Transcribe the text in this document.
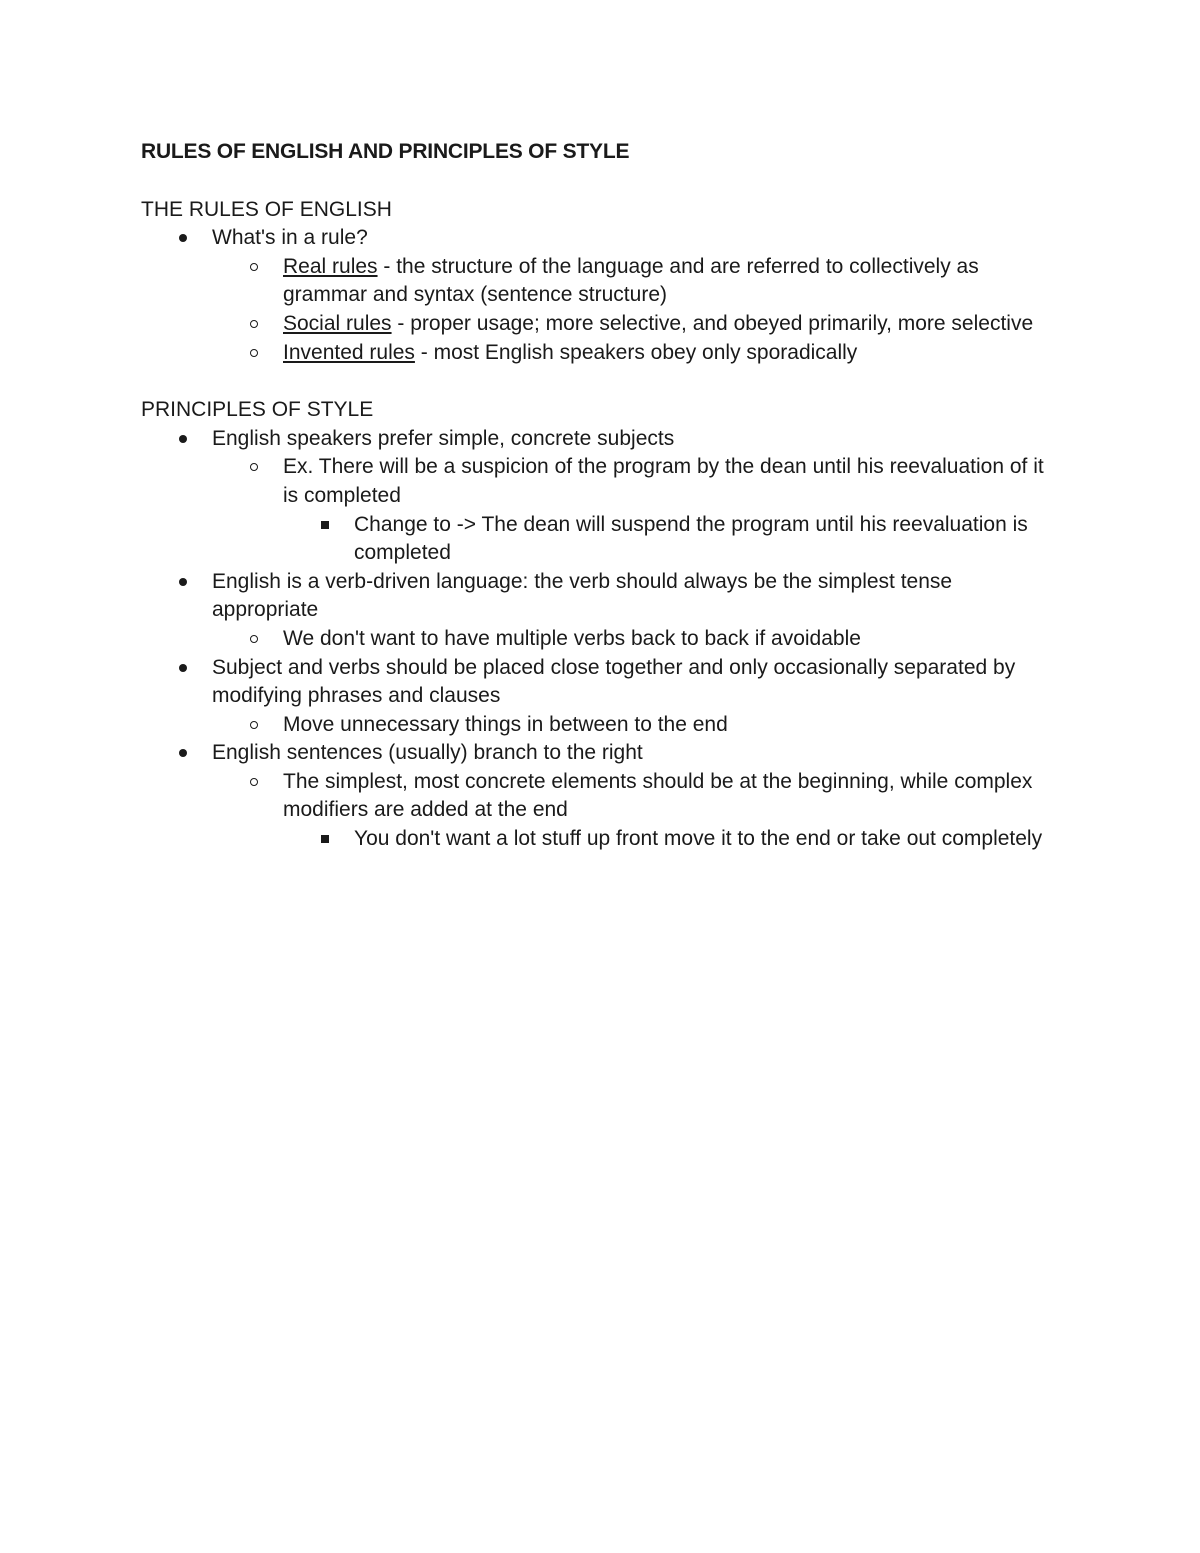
RULES OF ENGLISH AND PRINCIPLES OF STYLE
THE RULES OF ENGLISH
What's in a rule?
Real rules - the structure of the language and are referred to collectively as grammar and syntax (sentence structure)
Social rules - proper usage; more selective, and obeyed primarily, more selective
Invented rules - most English speakers obey only sporadically
PRINCIPLES OF STYLE
English speakers prefer simple, concrete subjects
Ex. There will be a suspicion of the program by the dean until his reevaluation of it is completed
Change to -> The dean will suspend the program until his reevaluation is completed
English is a verb-driven language: the verb should always be the simplest tense appropriate
We don't want to have multiple verbs back to back if avoidable
Subject and verbs should be placed close together and only occasionally separated by modifying phrases and clauses
Move unnecessary things in between to the end
English sentences (usually) branch to the right
The simplest, most concrete elements should be at the beginning, while complex modifiers are added at the end
You don't want a lot stuff up front move it to the end or take out completely
